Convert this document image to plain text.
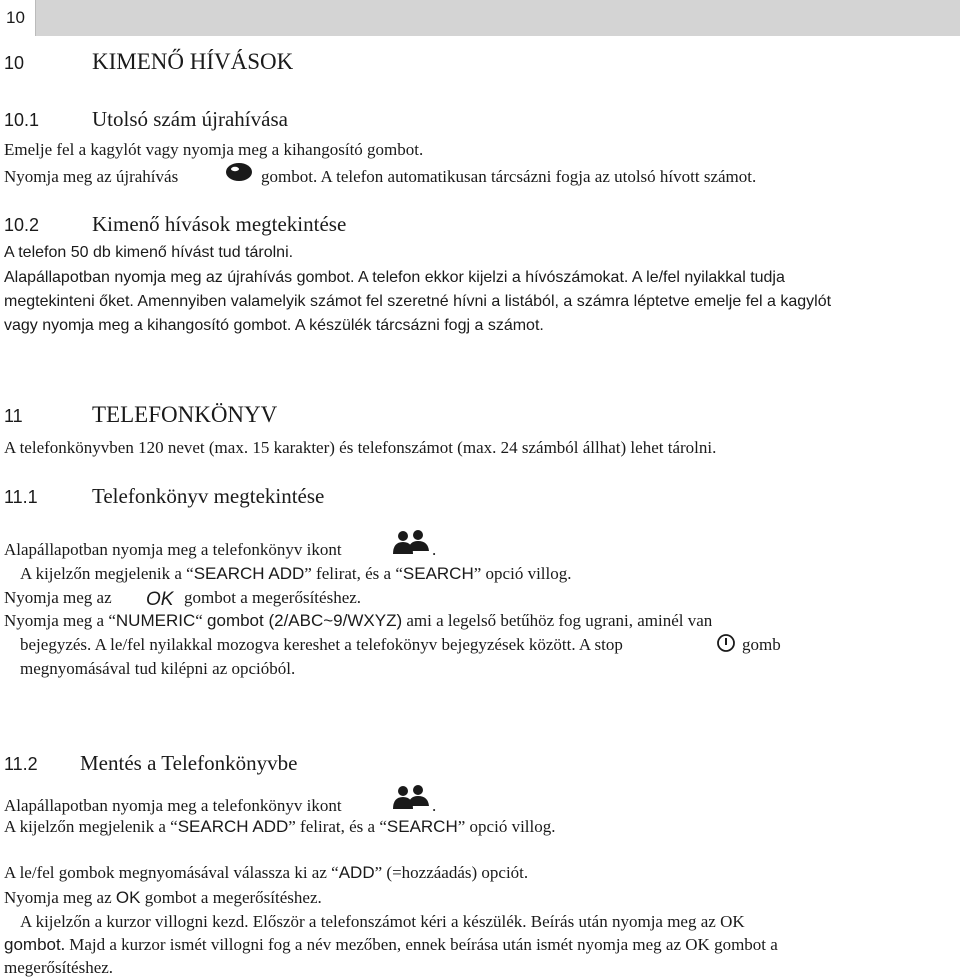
10
10	KIMENŐ HÍVÁSOK
10.1	Utolsó szám újrahívása
Emelje fel a kagylót vagy nyomja meg a kihangosító gombot.
Nyomja meg az újrahívás	gombot. A telefon automatikusan tárcsázni fogja az utolsó hívott számot.
10.2	Kimenő hívások megtekintése
A telefon 50 db kimenő hívást tud tárolni.
Alapállapotban nyomja meg az újrahívás gombot. A telefon ekkor kijelzi a hívószámokat. A le/fel nyilakkal tudja
megtekinteni őket. Amennyiben valamelyik számot fel szeretné hívni a listából, a számra léptetve emelje fel a kagylót
vagy nyomja meg a kihangosító gombot. A készülék tárcsázni fogj a számot.
11	TELEFONKÖNYV
A telefonkönyvben 120 nevet (max. 15 karakter) és telefonszámot (max. 24 számból állhat) lehet tárolni.
11.1	Telefonkönyv megtekintése
Alapállapotban nyomja meg a telefonkönyv ikont	.
A kijelzőn megjelenik a “SEARCH ADD” felirat, és a “SEARCH” opció villog.
Nyomja meg az OK gombot a megerősítéshez.
Nyomja meg a “NUMERIC“ gombot (2/ABC~9/WXYZ) ami a legelső betűhöz fog ugrani, aminél van
bejegyzés. A le/fel nyilakkal mozogva kereshet a telefokönyv bejegyzések között. A stop	gomb
megnyomásával tud kilépni az opcióból.
11.2 Mentés a Telefonkönyvbe
Alapállapotban nyomja meg a telefonkönyv ikont	.
A kijelzőn megjelenik a “SEARCH ADD” felirat, és a “SEARCH” opció villog.
A le/fel gombok megnyomásával válassza ki az “ADD” (=hozzáadás) opciót.
Nyomja meg az OK gombot a megerősítéshez.
A kijelzőn a kurzor villogni kezd. Először a telefonszámot kéri a készülék. Beírás után nyomja meg az OK
gombot. Majd a kurzor ismét villogni fog a név mezőben, ennek beírása után ismét nyomja meg az OK gombot a
megerősítéshez.
